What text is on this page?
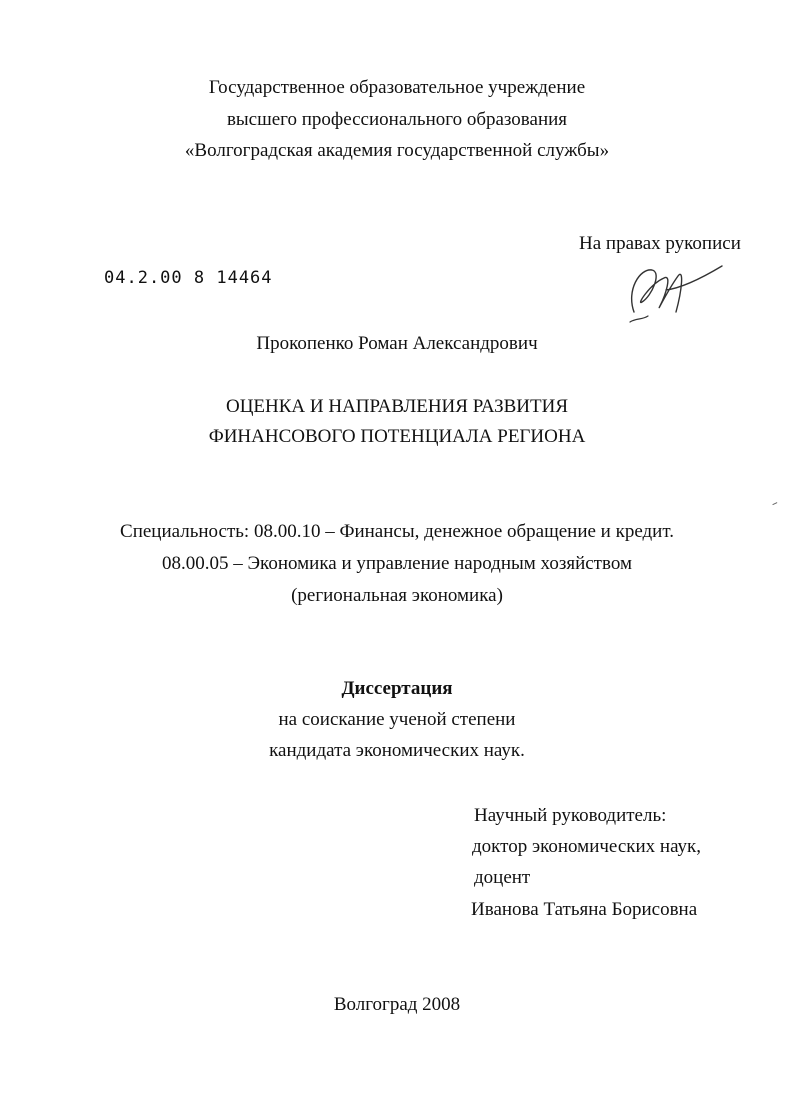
Государственное образовательное учреждение
высшего профессионального образования
«Волгоградская академия государственной службы»
На правах рукописи
04.2.00 8 14464
Прокопенко Роман Александрович
ОЦЕНКА И НАПРАВЛЕНИЯ РАЗВИТИЯ
ФИНАНСОВОГО ПОТЕНЦИАЛА РЕГИОНА
Специальность: 08.00.10 – Финансы, денежное обращение и кредит.
08.00.05 – Экономика и управление народным хозяйством
(региональная экономика)
Диссертация
на соискание ученой степени
кандидата экономических наук.
Научный руководитель:
доктор экономических наук,
доцент
Иванова Татьяна Борисовна
Волгоград 2008
